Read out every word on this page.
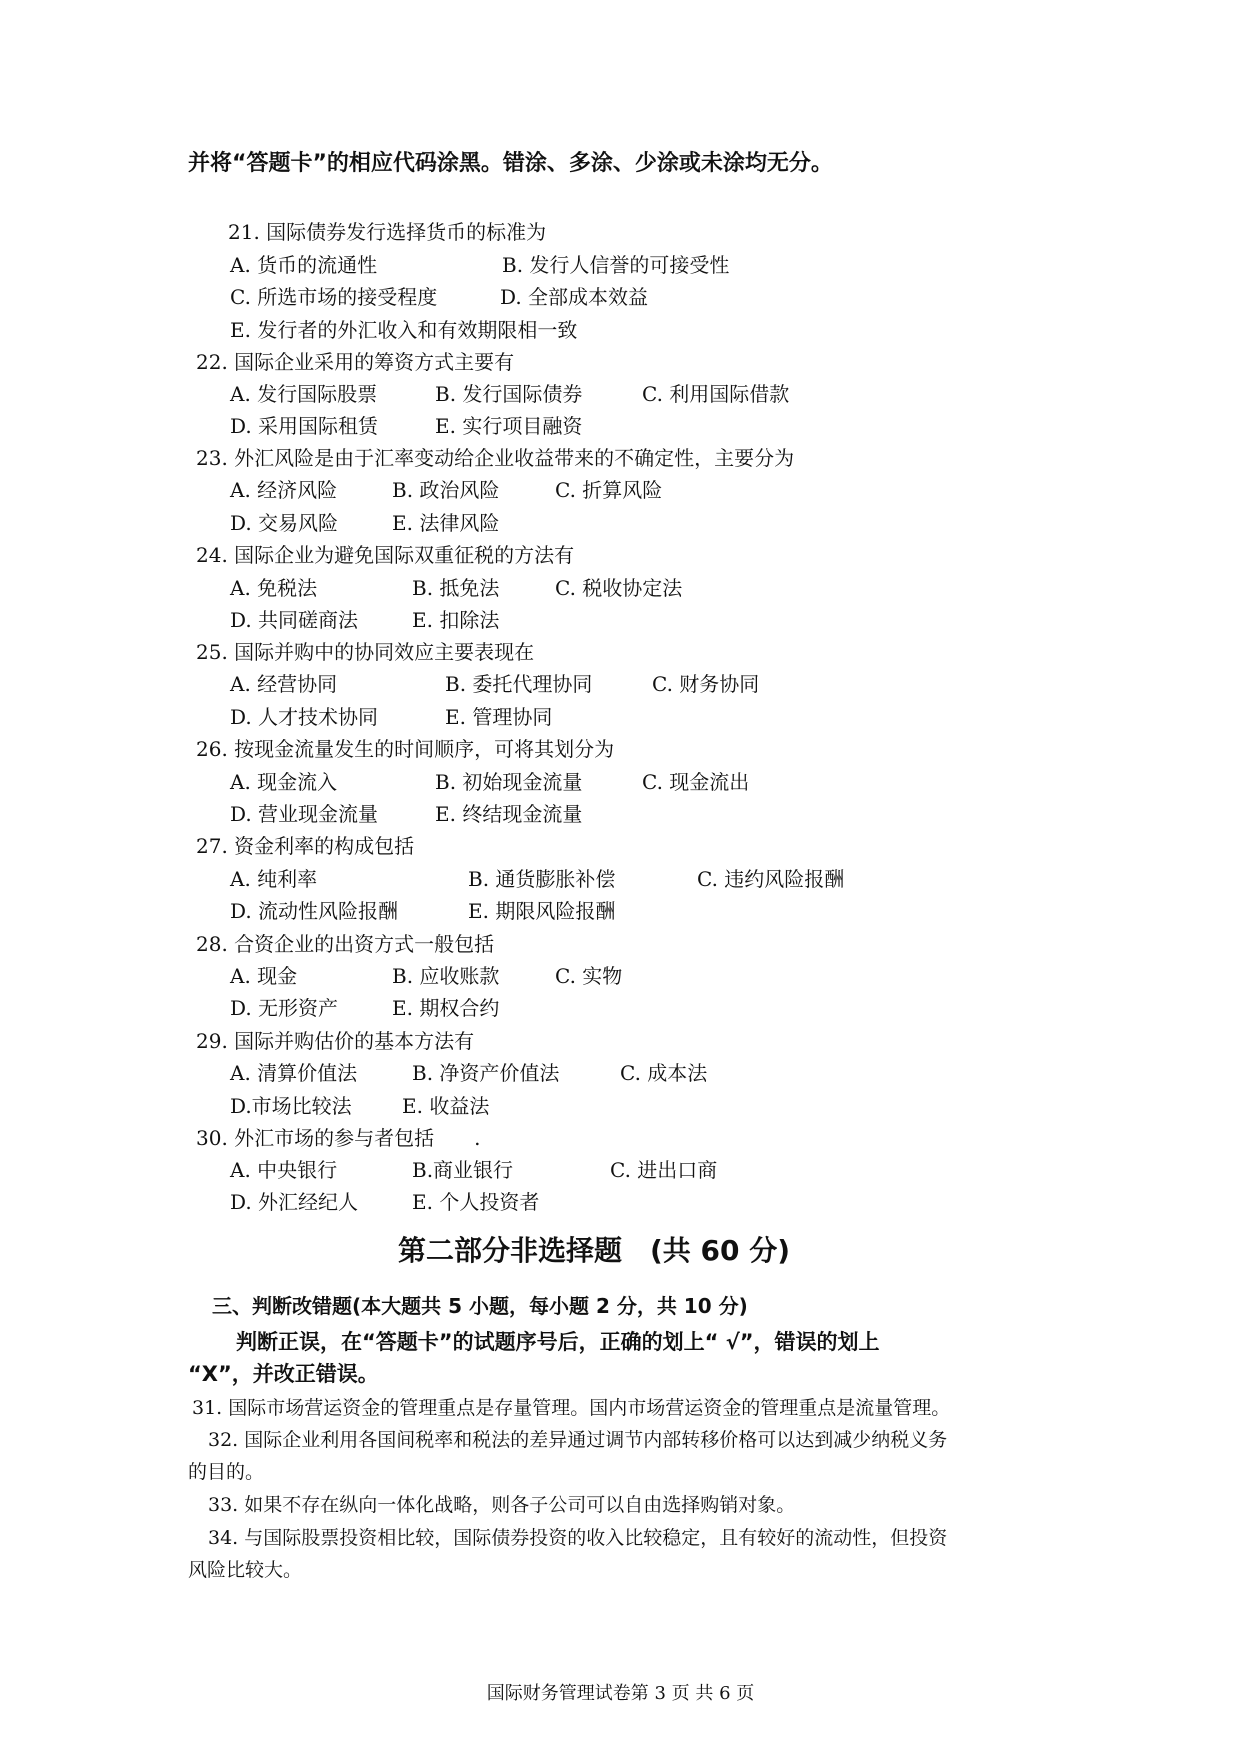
并将“答题卡”的相应代码涂黑。错涂、多涂、少涂或未涂均无分。
21. 国际债券发行选择货币的标准为
A. 货币的流通性	B. 发行人信誉的可接受性
C. 所选市场的接受程度	D. 全部成本效益
E. 发行者的外汇收入和有效期限相一致
22. 国际企业采用的筹资方式主要有
A. 发行国际股票	B. 发行国际债券	C. 利用国际借款
D. 采用国际租赁	E. 实行项目融资
23. 外汇风险是由于汇率变动给企业收益带来的不确定性，主要分为
A. 经济风险	B. 政治风险	C. 折算风险
D. 交易风险	E. 法律风险
24. 国际企业为避免国际双重征税的方法有
A. 免税法	B. 抵免法	C. 税收协定法
D. 共同磋商法	E. 扣除法
25. 国际并购中的协同效应主要表现在
A. 经营协同	B. 委托代理协同	C. 财务协同
D. 人才技术协同	E. 管理协同
26. 按现金流量发生的时间顺序，可将其划分为
A. 现金流入	B. 初始现金流量	C. 现金流出
D. 营业现金流量	E. 终结现金流量
27. 资金利率的构成包括
A. 纯利率	B. 通货膨胀补偿	C. 违约风险报酬
D. 流动性风险报酬	E. 期限风险报酬
28. 合资企业的出资方式一般包括
A. 现金	B. 应收账款	C. 实物
D. 无形资产	E. 期权合约
29. 国际并购估价的基本方法有
A. 清算价值法	B. 净资产价值法	C. 成本法
D.市场比较法	E. 收益法
30. 外汇市场的参与者包括　　.
A. 中央银行	B.商业银行	C. 进出口商
D. 外汇经纪人	E. 个人投资者
第二部分非选择题　(共 60 分)
三、判断改错题(本大题共 5 小题，每小题 2 分，共 10 分)
判断正误，在“答题卡”的试题序号后，正确的划上“ √”，错误的划上
“X”，并改正错误。
31. 国际市场营运资金的管理重点是存量管理。国内市场营运资金的管理重点是流量管理。
32. 国际企业利用各国间税率和税法的差异通过调节内部转移价格可以达到减少纳税义务
的目的。
33. 如果不存在纵向一体化战略，则各子公司可以自由选择购销对象。
34. 与国际股票投资相比较，国际债券投资的收入比较稳定，且有较好的流动性，但投资
风险比较大。
国际财务管理试卷第 3 页 共 6 页
